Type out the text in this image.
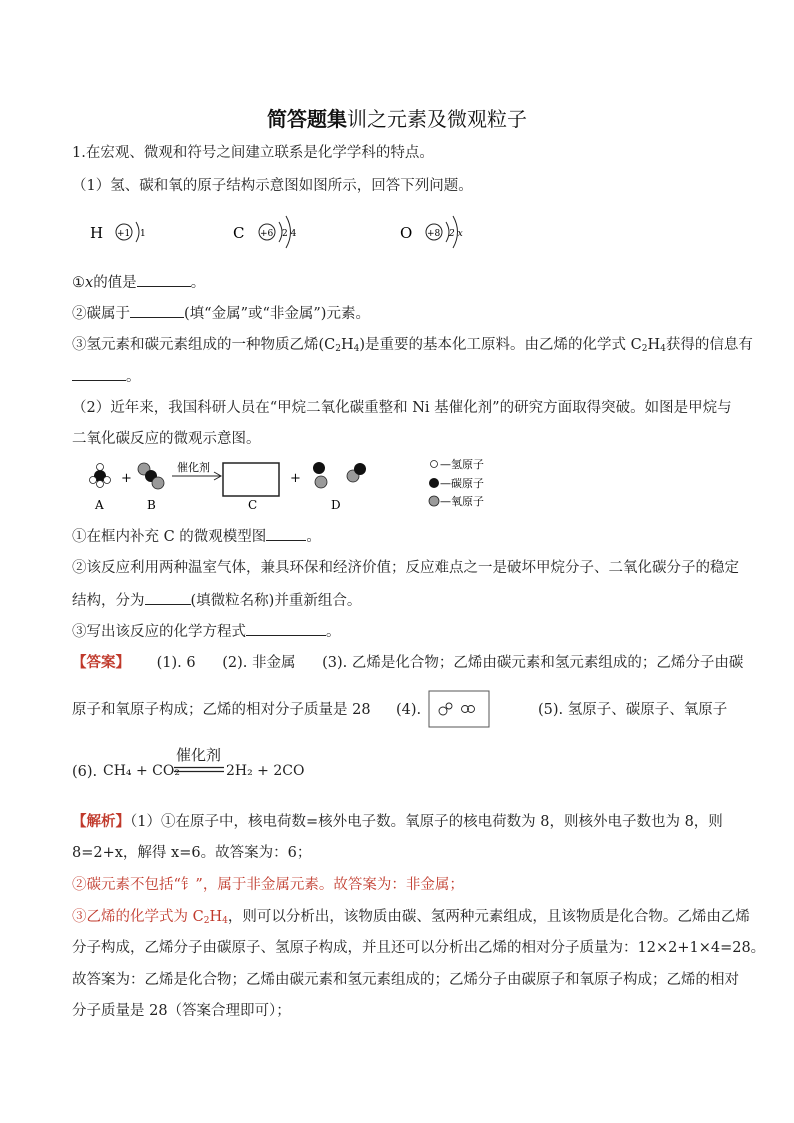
简答题集训之元素及微观粒子
1.在宏观、微观和符号之间建立联系是化学学科的特点。
（1）氢、碳和氧的原子结构示意图如图所示，回答下列问题。
H +1 1	C +6 2 4	O +8 2 x
①x的值是	。
②碳属于	(填“金属”或“非金属”)元素。
③氢元素和碳元素组成的一种物质乙烯$(C_2H_4)$是重要的基本化工原料。由乙烯的化学式 $C_2H_4$获得的信息有
。
（2）近年来，我国科研人员在“甲烷二氧化碳重整和 Ni 基催化剂”的研究方面取得突破。如图是甲烷与
二氧化碳反应的微观示意图。
+
催化剂
+
A	B	C	D
—氢原子
—碳原子
—氧原子
①在框内补充 C 的微观模型图	。
②该反应利用两种温室气体，兼具环保和经济价值；反应难点之一是破坏甲烷分子、二氧化碳分子的稳定
结构，分为	(填微粒名称)并重新组合。
③写出该反应的化学方程式	。
【答案】 (1). 6 (2). 非金属 (3). 乙烯是化合物；乙烯由碳元素和氢元素组成的；乙烯分子由碳
原子和氧原子构成；乙烯的相对分子质量是 28 (4).	(5). 氢原子、碳原子、氧原子
(6). CH₄ + CO₂
催化剂
2H₂ + 2CO
【解析】（1）①在原子中，核电荷数=核外电子数。氧原子的核电荷数为 8，则核外电子数也为 8，则
8=2+x，解得 x=6。故答案为：6；
②碳元素不包括“钅”，属于非金属元素。故答案为：非金属；
③乙烯的化学式为 $C_2H_4$，则可以分析出，该物质由碳、氢两种元素组成，且该物质是化合物。乙烯由乙烯
分子构成，乙烯分子由碳原子、氢原子构成，并且还可以分析出乙烯的相对分子质量为：12×2+1×4=28。
故答案为：乙烯是化合物；乙烯由碳元素和氢元素组成的；乙烯分子由碳原子和氧原子构成；乙烯的相对
分子质量是 28（答案合理即可）；
